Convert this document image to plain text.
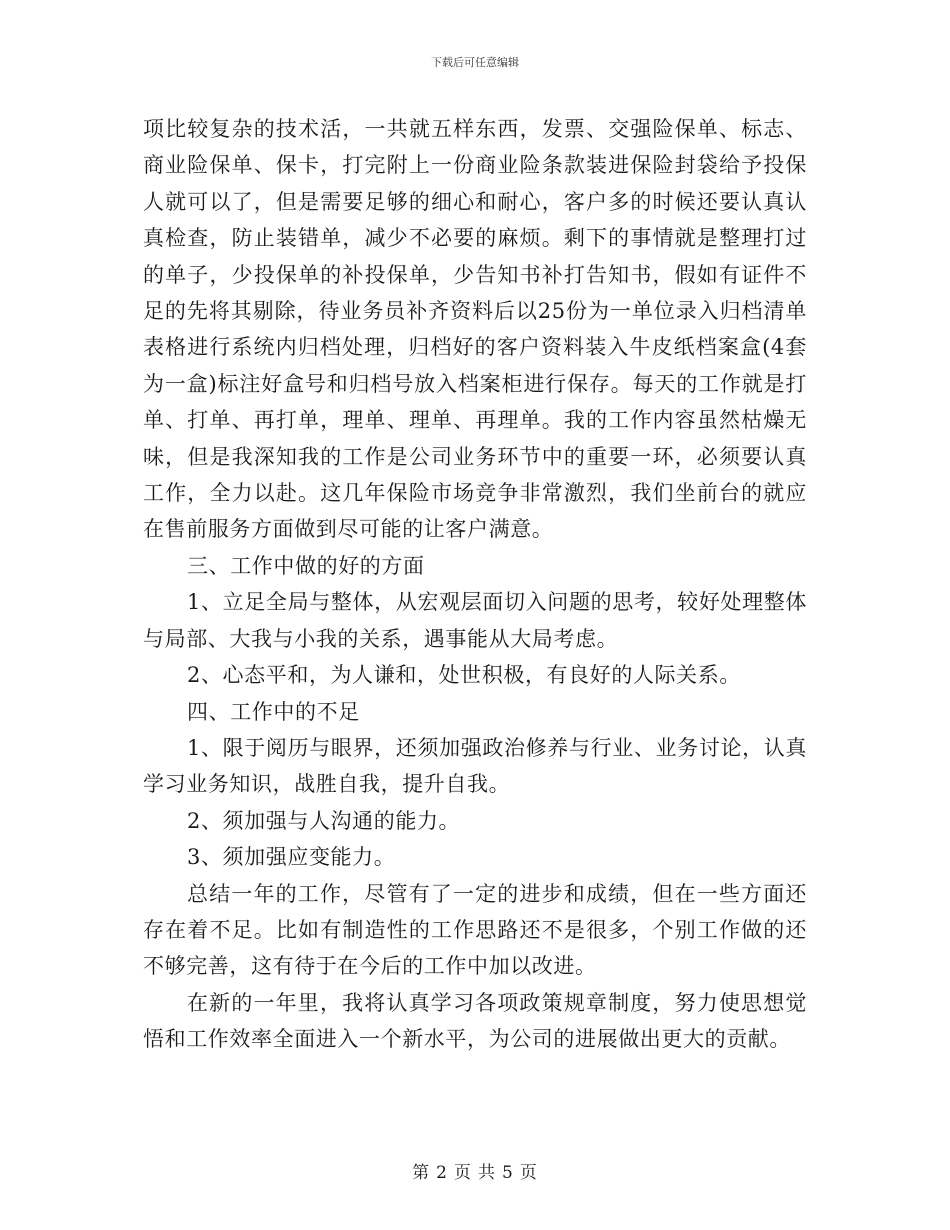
下载后可任意编辑

项比较复杂的技术活，一共就五样东西，发票、交强险保单、标志、商业险保单、保卡，打完附上一份商业险条款装进保险封袋给予投保人就可以了，但是需要足够的细心和耐心，客户多的时候还要认真认真检查，防止装错单，减少不必要的麻烦。剩下的事情就是整理打过的单子，少投保单的补投保单，少告知书补打告知书，假如有证件不足的先将其剔除，待业务员补齐资料后以25份为一单位录入归档清单表格进行系统内归档处理，归档好的客户资料装入牛皮纸档案盒(4套为一盒)标注好盒号和归档号放入档案柜进行保存。每天的工作就是打单、打单、再打单，理单、理单、再理单。我的工作内容虽然枯燥无味，但是我深知我的工作是公司业务环节中的重要一环，必须要认真工作，全力以赴。这几年保险市场竞争非常激烈，我们坐前台的就应在售前服务方面做到尽可能的让客户满意。

三、工作中做的好的方面

1、立足全局与整体，从宏观层面切入问题的思考，较好处理整体与局部、大我与小我的关系，遇事能从大局考虑。

2、心态平和，为人谦和，处世积极，有良好的人际关系。

四、工作中的不足

1、限于阅历与眼界，还须加强政治修养与行业、业务讨论，认真学习业务知识，战胜自我，提升自我。

2、须加强与人沟通的能力。

3、须加强应变能力。

总结一年的工作，尽管有了一定的进步和成绩，但在一些方面还存在着不足。比如有制造性的工作思路还不是很多，个别工作做的还不够完善，这有待于在今后的工作中加以改进。

在新的一年里，我将认真学习各项政策规章制度，努力使思想觉悟和工作效率全面进入一个新水平，为公司的进展做出更大的贡献。

第 2 页 共 5 页
